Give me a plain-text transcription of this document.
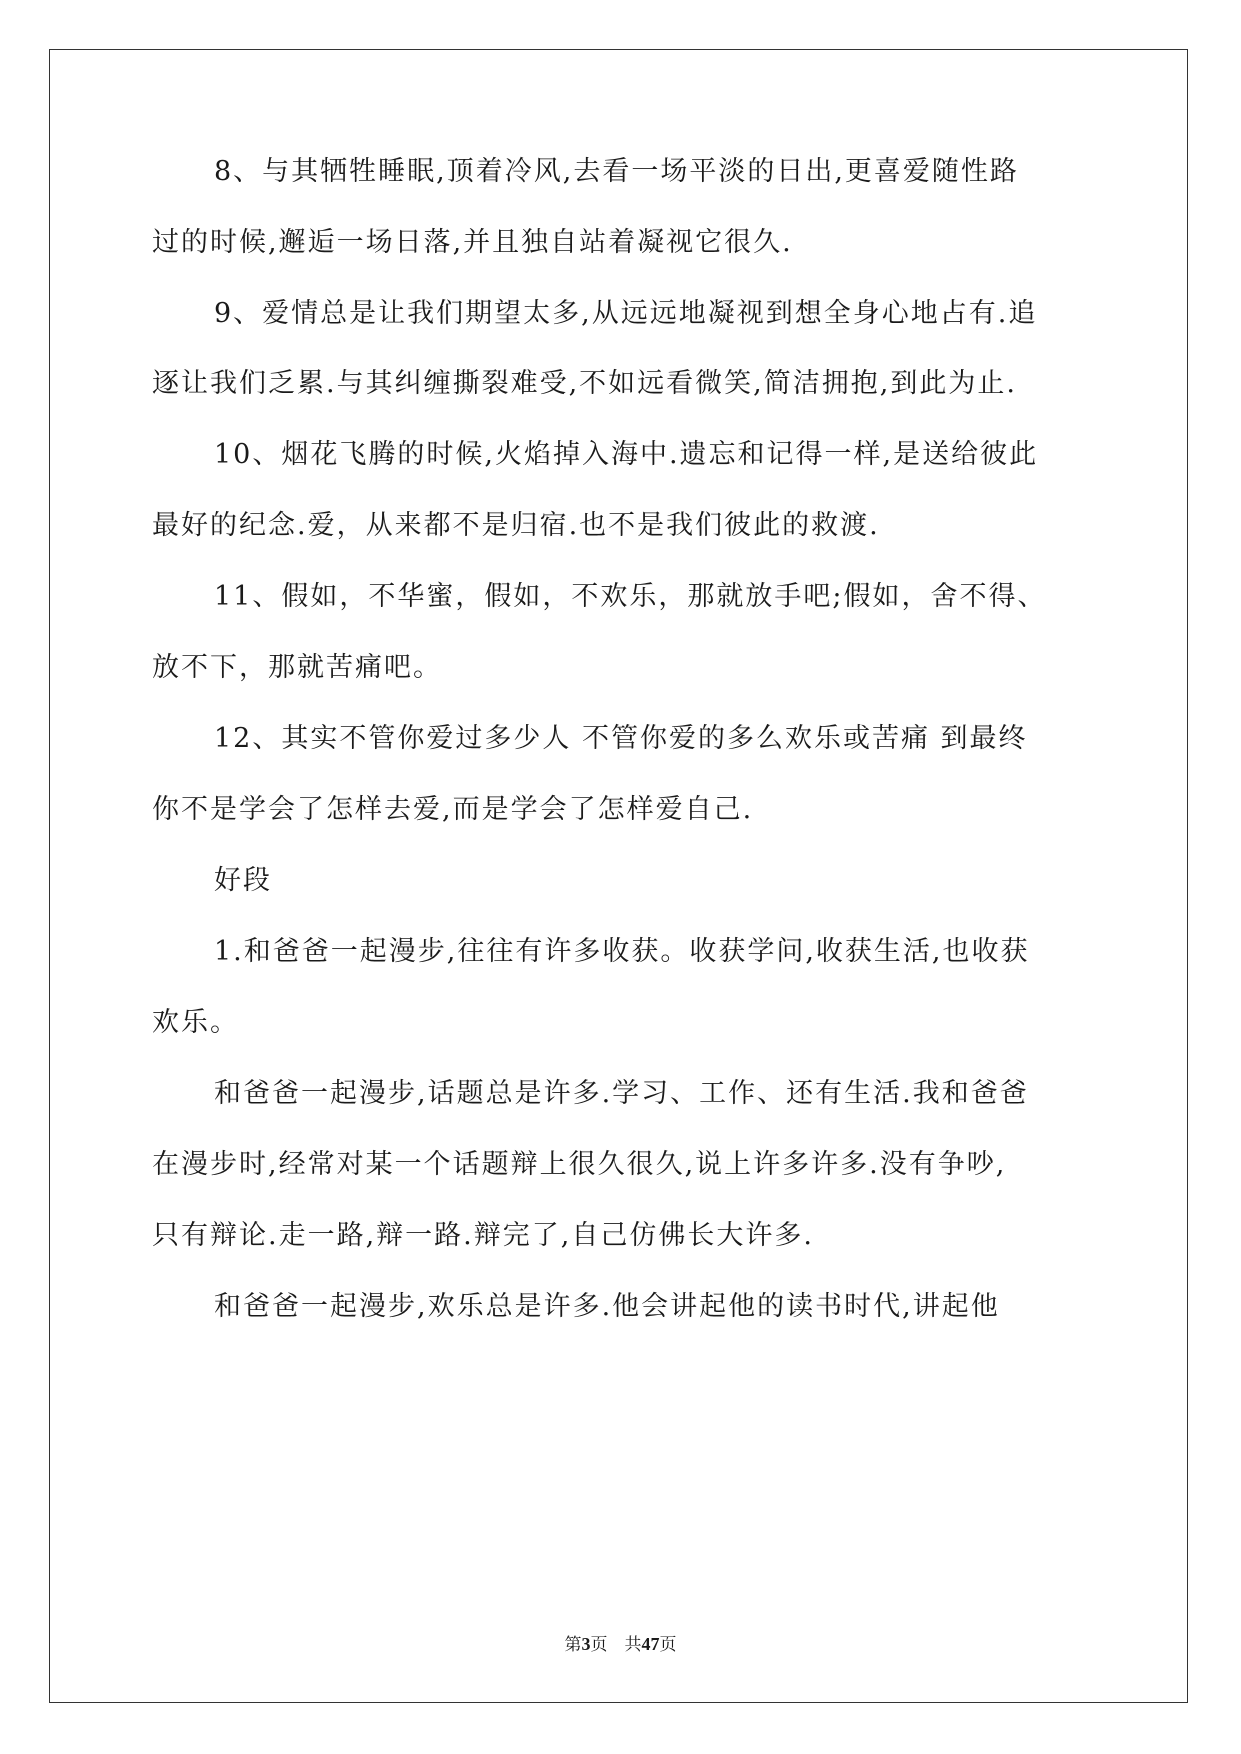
8、与其牺牲睡眠,顶着冷风,去看一场平淡的日出,更喜爱随性路
过的时候,邂逅一场日落,并且独自站着凝视它很久.
9、爱情总是让我们期望太多,从远远地凝视到想全身心地占有.追
逐让我们乏累.与其纠缠撕裂难受,不如远看微笑,简洁拥抱,到此为止.
10、烟花飞腾的时候,火焰掉入海中.遗忘和记得一样,是送给彼此
最好的纪念.爱，从来都不是归宿.也不是我们彼此的救渡.
11、假如，不华蜜，假如，不欢乐，那就放手吧;假如，舍不得、
放不下，那就苦痛吧。
12、其实不管你爱过多少人 不管你爱的多么欢乐或苦痛 到最终
你不是学会了怎样去爱,而是学会了怎样爱自己.
好段
1.和爸爸一起漫步,往往有许多收获。收获学问,收获生活,也收获
欢乐。
和爸爸一起漫步,话题总是许多.学习、工作、还有生活.我和爸爸
在漫步时,经常对某一个话题辩上很久很久,说上许多许多.没有争吵,
只有辩论.走一路,辩一路.辩完了,自己仿佛长大许多.
和爸爸一起漫步,欢乐总是许多.他会讲起他的读书时代,讲起他
第3页　共47页
